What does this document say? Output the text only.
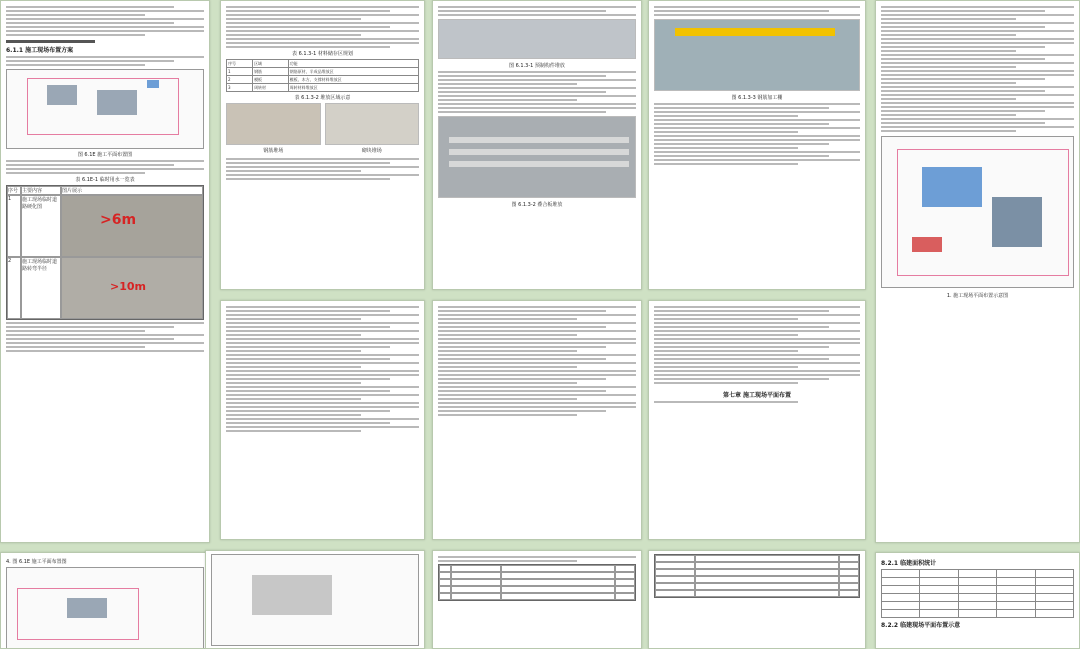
6.1.1 施工现场布置方案
图 6.1E 施工平面布置图
表 6.1E-1 临时用水一览表
序号 主要内容	图片展示
1	施工现场临时道路硬化图
>6m
2	施工现场临时道路转弯半径
>10m
4. 图 6.1E 施工平面布置图
表 6.1.3-1 材料储存区规划
序号	区域	功能
1	钢筋	钢筋原材、半成品堆放区
2	模板	模板、木方、支撑材料堆放区
3	周转材	周转材料堆放区
表 6.1.3-2 堆放区域示意
钢筋堆场	砌块堆场
图 6.1.3-1 预制构件堆放
图 6.1.3-2 叠合板堆放
图 6.1.3-3 钢筋加工棚
第七章 施工现场平面布置
1. 施工现场平面布置示意图
8.2.1 临建面积统计

8.2.2 临建现场平面布置示意
